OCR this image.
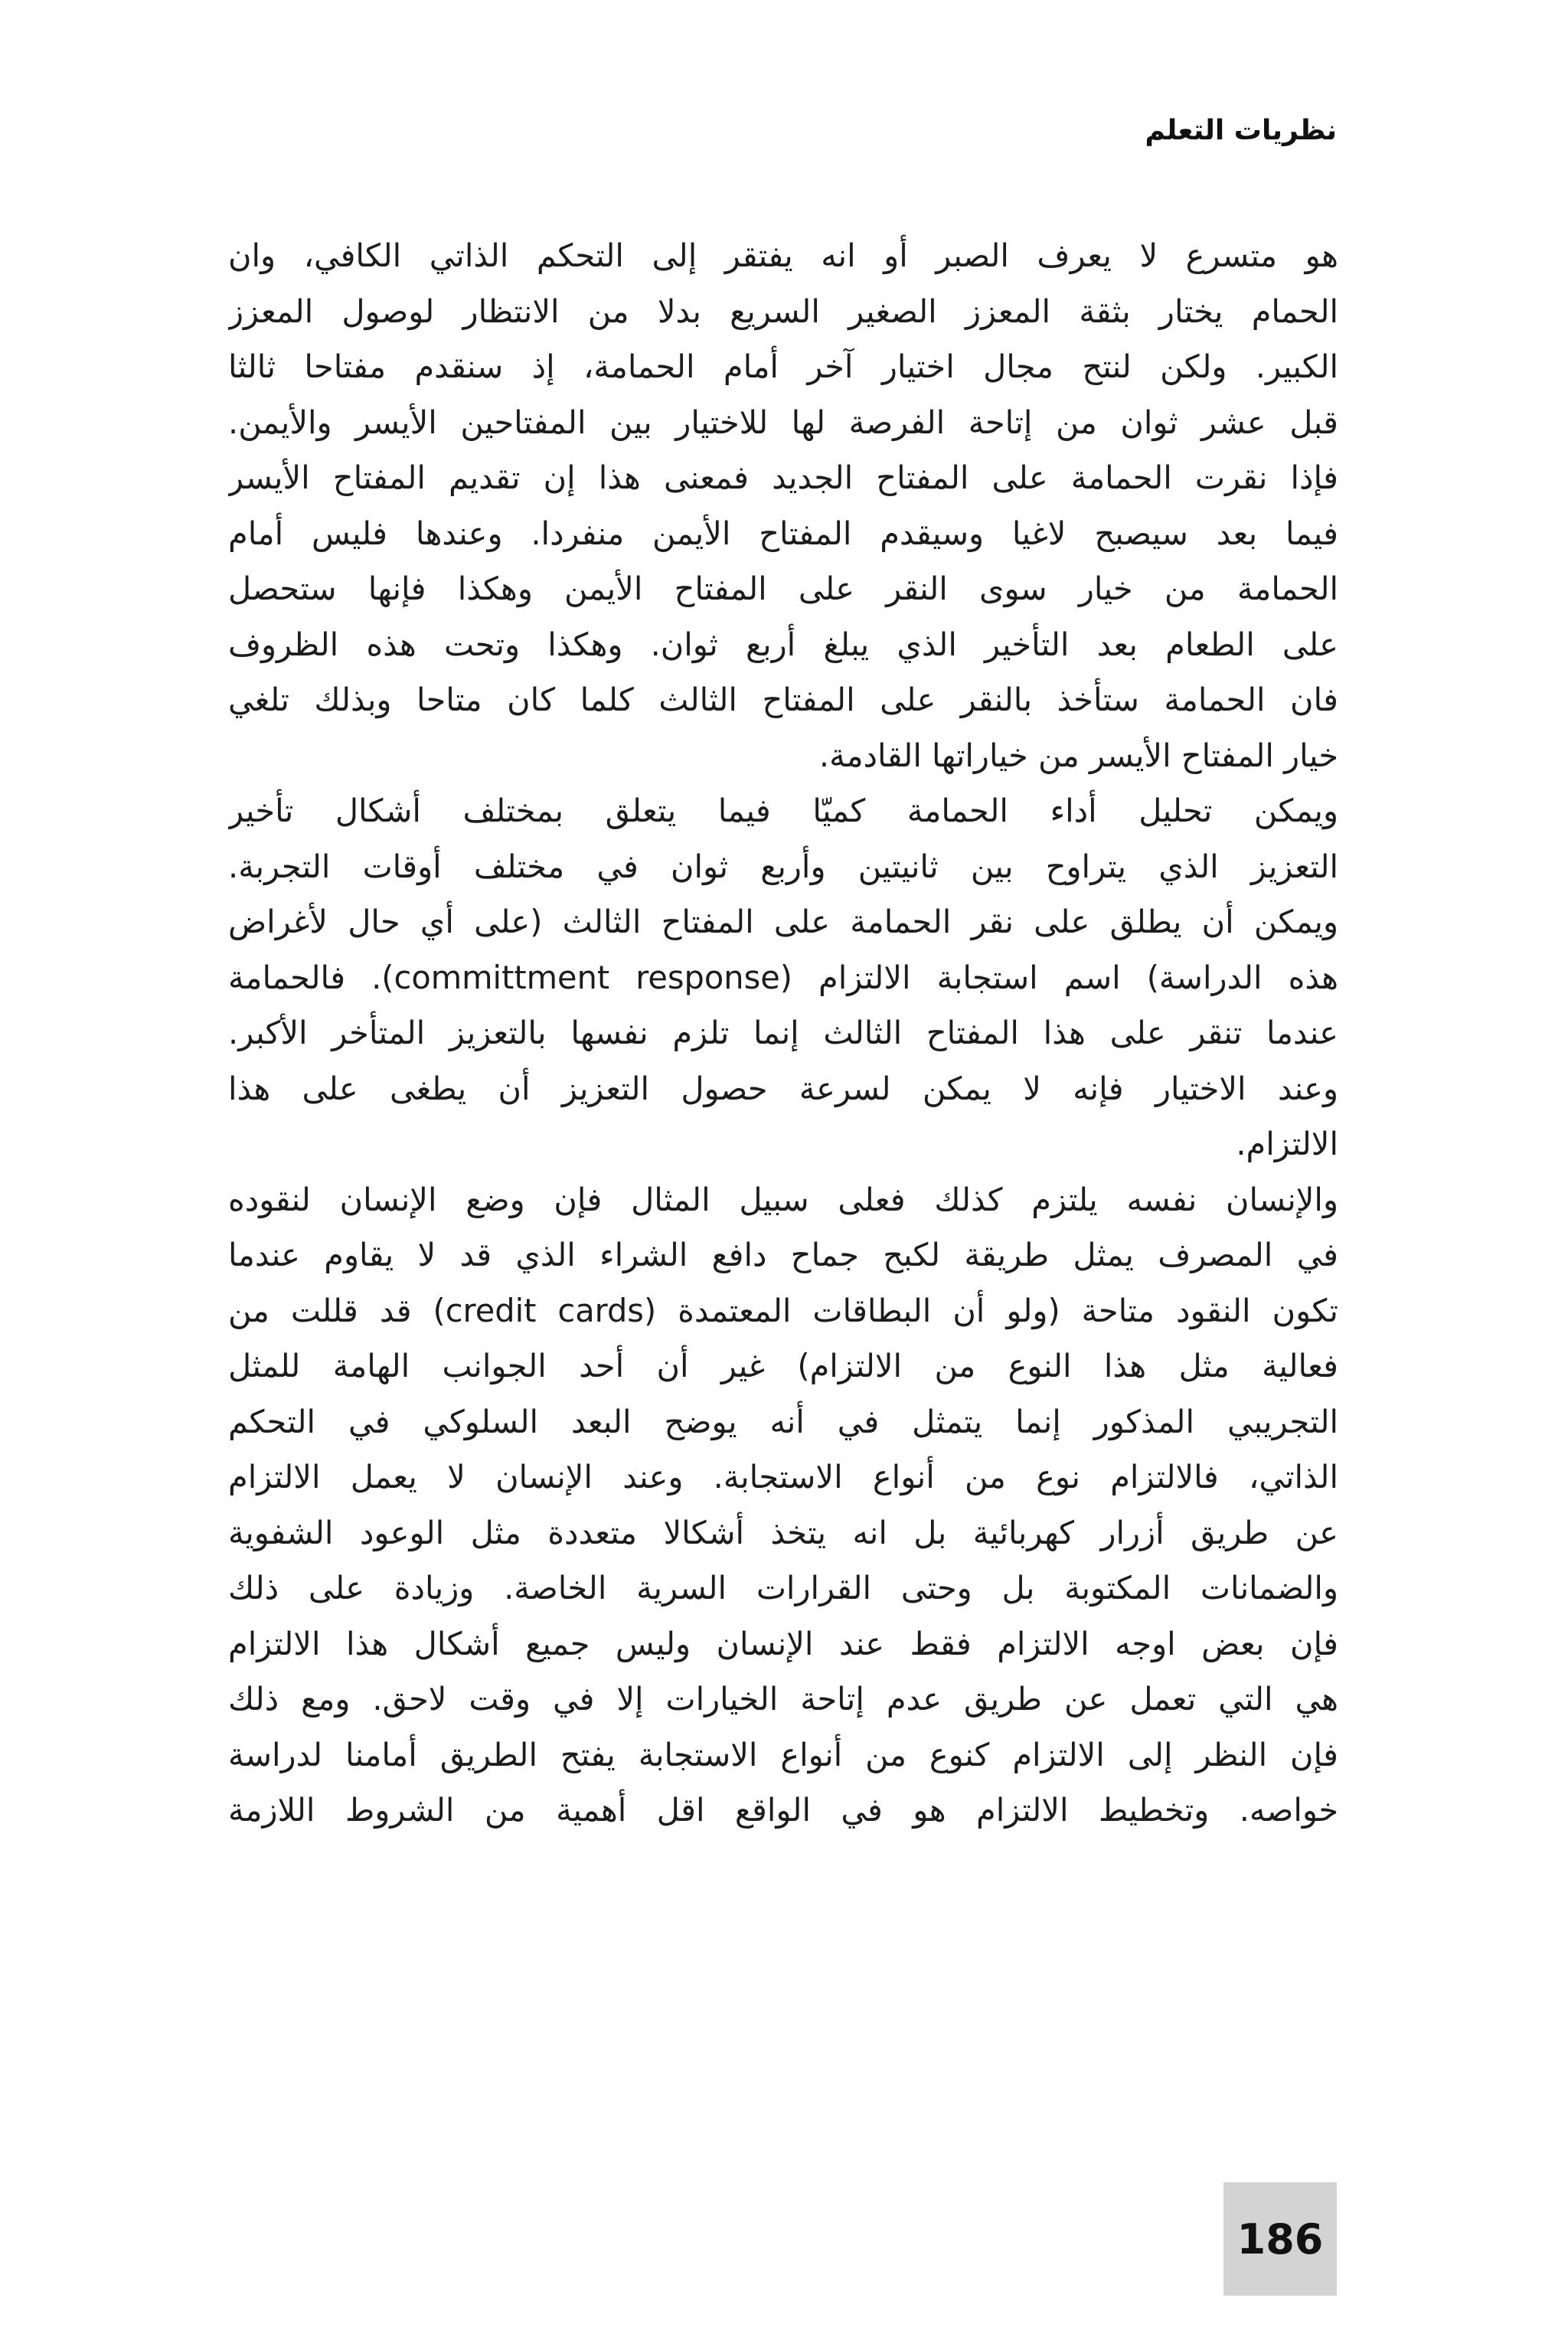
نظريات التعلم
هو متسرع لا يعرف الصبر أو انه يفتقر إلى التحكم الذاتي الكافي، وان
الحمام يختار بثقة المعزز الصغير السريع بدلا من الانتظار لوصول المعزز
الكبير. ولكن لنتح مجال اختيار آخر أمام الحمامة، إذ سنقدم مفتاحا ثالثا
قبل عشر ثوان من إتاحة الفرصة لها للاختيار بين المفتاحين الأيسر والأيمن.
فإذا نقرت الحمامة على المفتاح الجديد فمعنى هذا إن تقديم المفتاح الأيسر
فيما بعد سيصبح لاغيا وسيقدم المفتاح الأيمن منفردا. وعندها فليس أمام
الحمامة من خيار سوى النقر على المفتاح الأيمن وهكذا فإنها ستحصل
على الطعام بعد التأخير الذي يبلغ أربع ثوان. وهكذا وتحت هذه الظروف
فان الحمامة ستأخذ بالنقر على المفتاح الثالث كلما كان متاحا وبذلك تلغي
خيار المفتاح الأيسر من خياراتها القادمة.
ويمكن تحليل أداء الحمامة كميّا فيما يتعلق بمختلف أشكال تأخير
التعزيز الذي يتراوح بين ثانيتين وأربع ثوان في مختلف أوقات التجربة.
ويمكن أن يطلق على نقر الحمامة على المفتاح الثالث (على أي حال لأغراض
هذه الدراسة) اسم استجابة الالتزام (committment response). فالحمامة
عندما تنقر على هذا المفتاح الثالث إنما تلزم نفسها بالتعزيز المتأخر الأكبر.
وعند الاختيار فإنه لا يمكن لسرعة حصول التعزيز أن يطغى على هذا
الالتزام.
والإنسان نفسه يلتزم كذلك فعلى سبيل المثال فإن وضع الإنسان لنقوده
في المصرف يمثل طريقة لكبح جماح دافع الشراء الذي قد لا يقاوم عندما
تكون النقود متاحة (ولو أن البطاقات المعتمدة (credit cards) قد قللت من
فعالية مثل هذا النوع من الالتزام) غير أن أحد الجوانب الهامة للمثل
التجريبي المذكور إنما يتمثل في أنه يوضح البعد السلوكي في التحكم
الذاتي، فالالتزام نوع من أنواع الاستجابة. وعند الإنسان لا يعمل الالتزام
عن طريق أزرار كهربائية بل انه يتخذ أشكالا متعددة مثل الوعود الشفوية
والضمانات المكتوبة بل وحتى القرارات السرية الخاصة. وزيادة على ذلك
فإن بعض اوجه الالتزام فقط عند الإنسان وليس جميع أشكال هذا الالتزام
هي التي تعمل عن طريق عدم إتاحة الخيارات إلا في وقت لاحق. ومع ذلك
فإن النظر إلى الالتزام كنوع من أنواع الاستجابة يفتح الطريق أمامنا لدراسة
خواصه. وتخطيط الالتزام هو في الواقع اقل أهمية من الشروط اللازمة
186
